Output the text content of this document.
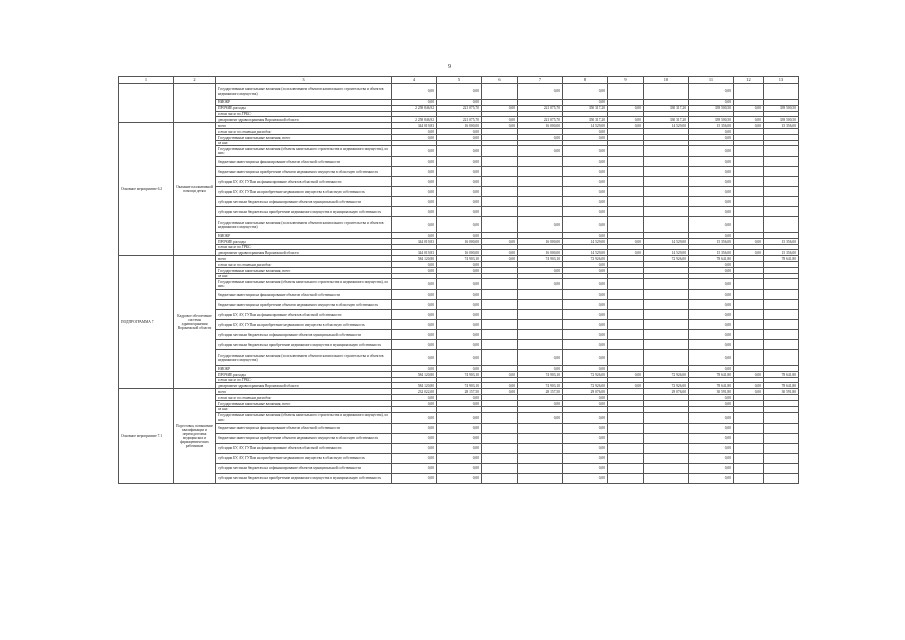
9
1	2	3	4	5	6	7	8	9	10	11	12	13
		Государственные капитальные вложения (за исключением объектов капитального строительства и объектов недвижимого имущества)	0,00	0,00		0,00	0,00			0,00		
		НИОКР	0,00	0,00			0,00			0,00		
		ПРОЧИЕ расходы	2 258 846,92	221 075,70	0,00	221 075,70	350 317,20	0,00	330 317,20	339 500,50	0,00	339 500,50
		в том числе по ГРБС:										
		департамент здравоохранения Воронежской области	2 258 846,92	221 075,70	0,00	221 075,70	350 317,20	0,00	330 317,20	339 500,50	0,00	339 500,50
Основное мероприятие 6.2	Оказание паллиативной помощи детям	всего	344 019,83	16 000,00	0,00	16 000,00	14 529,00	0,00	14 529,00	15 356,00	0,00	15 356,00
		в том числе по статьям расходов:	0,00	0,00			0,00			0,00		
		Государственные капитальные вложения, всего	0,00	0,00		0,00	0,00			0,00		
		из них:										
		Государственные капитальные вложения (объекты капитального строительства и недвижимого имущества), из них:	0,00	0,00		0,00	0,00			0,00		
		бюджетные инвестиции на финансирование объектов областной собственности	0,00	0,00			0,00			0,00		
		бюджетные инвестиции на приобретение объектов недвижимого имущества в областную собственность	0,00	0,00			0,00			0,00		
		субсидии БУ, АУ, ГУПам на финансирование объектов областной собственности	0,00	0,00			0,00			0,00		
		субсидии БУ, АУ, ГУПам на приобретение недвижимого имущества в областную собственность	0,00	0,00			0,00			0,00		
		субсидии местным бюджетам на софинансирование объектов муниципальной собственности	0,00	0,00			0,00			0,00		
		субсидии местным бюджетам на приобретение недвижимого имущества в муниципальную собственность	0,00	0,00			0,00			0,00		
		Государственные капитальные вложения (за исключением объектов капитального строительства и объектов недвижимого имущества)	0,00	0,00		0,00	0,00			0,00		
		НИОКР	0,00	0,00			0,00			0,00		
		ПРОЧИЕ расходы	344 019,83	16 000,00	0,00	16 000,00	14 529,00	0,00	14 529,00	15 356,00	0,00	15 356,00
		в том числе по ГРБС:										
		департамент здравоохранения Воронежской области	344 019,83	16 000,00	0,00	16 000,00	14 529,00	0,00	14 529,00	15 356,00	0,00	15 356,00
ПОДПРОГРАММА 7	Кадровое обеспечение системы здравоохранения Воронежской области	всего	584 120,80	74 903,10	0,00	74 903,10	72 926,00		72 926,00	78 641,80		78 641,80
		в том числе по статьям расходов:	0,00	0,00			0,00			0,00		
		Государственные капитальные вложения, всего	0,00	0,00		0,00	0,00			0,00		
		из них:										
		Государственные капитальные вложения (объекты капитального строительства и недвижимого имущества), из них:	0,00	0,00		0,00	0,00			0,00		
		бюджетные инвестиции на финансирование объектов областной собственности	0,00	0,00			0,00			0,00		
		бюджетные инвестиции на приобретение объектов недвижимого имущества в областную собственность	0,00	0,00			0,00			0,00		
		субсидии БУ, АУ, ГУПам на финансирование объектов областной собственности	0,00	0,00			0,00			0,00		
		субсидии БУ, АУ, ГУПам на приобретение недвижимого имущества в областную собственность	0,00	0,00			0,00			0,00		
		субсидии местным бюджетам на софинансирование объектов муниципальной собственности	0,00	0,00			0,00			0,00		
		субсидии местным бюджетам на приобретение недвижимого имущества в муниципальную собственность	0,00	0,00			0,00			0,00		
		Государственные капитальные вложения (за исключением объектов капитального строительства и объектов недвижимого имущества)	0,00	0,00		0,00	0,00			0,00		
		НИОКР	0,00	0,00		0,00	0,00			0,00		
		ПРОЧИЕ расходы	584 120,80	74 903,10	0,00	74 903,10	72 926,00	0,00	72 926,00	78 641,80	0,00	78 641,80
		в том числе по ГРБС:										
		департамент здравоохранения Воронежской области	584 120,80	74 903,10	0,00	74 903,10	72 926,00	0,00	72 926,00	78 641,80	0,00	78 641,80
Основное мероприятие 7.1	Подготовка, повышение квалификации и переподготовка медицинских и фармацевтических работников	всего	232 022,00	28 157,50	0,00	28 157,50	29 076,00		29 076,00	30 591,80	0,00	30 591,80
		в том числе по статьям расходов:	0,00	0,00			0,00			0,00		
		Государственные капитальные вложения, всего	0,00	0,00		0,00	0,00			0,00		
		из них:										
		Государственные капитальные вложения (объекты капитального строительства и недвижимого имущества), из них:	0,00	0,00		0,00	0,00			0,00		
		бюджетные инвестиции на финансирование объектов областной собственности	0,00	0,00			0,00			0,00		
		бюджетные инвестиции на приобретение объектов недвижимого имущества в областную собственность	0,00	0,00			0,00			0,00		
		субсидии БУ, АУ, ГУПам на финансирование объектов областной собственности	0,00	0,00			0,00			0,00		
		субсидии БУ, АУ, ГУПам на приобретение недвижимого имущества в областную собственность	0,00	0,00			0,00			0,00		
		субсидии местным бюджетам на софинансирование объектов муниципальной собственности	0,00	0,00			0,00			0,00		
		субсидии местным бюджетам на приобретение недвижимого имущества в муниципальную собственность	0,00	0,00			0,00			0,00		
